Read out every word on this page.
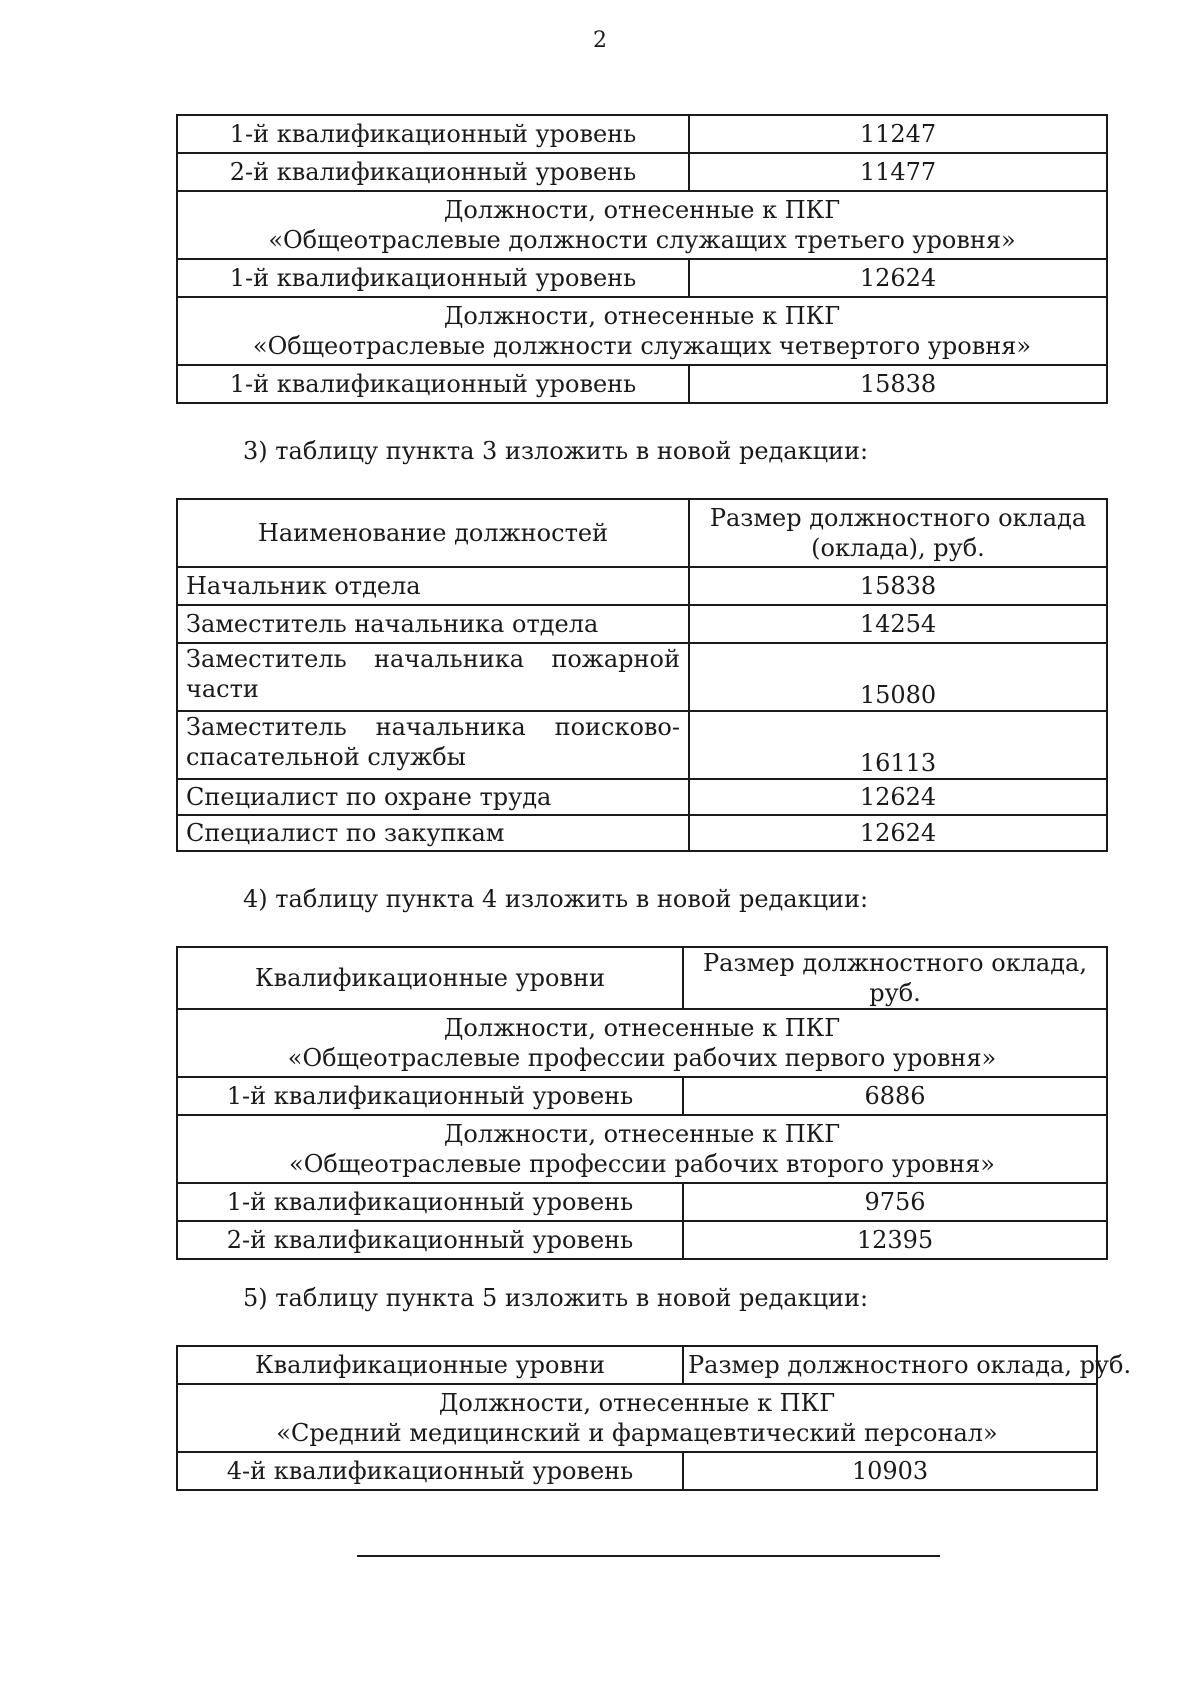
2
1-й квалификационный уровень	11247
2-й квалификационный уровень	11477

Должности, отнесенные к ПКГ
«Общеотраслевые должности служащих третьего уровня»	

1-й квалификационный уровень	12624

Должности, отнесенные к ПКГ
«Общеотраслевые должности служащих четвертого уровня»	

1-й квалификационный уровень	15838
3) таблицу пункта 3 изложить в новой редакции:
Наименование должностей	Размер должностного оклада
(оклада), руб.

Начальник отдела	15838
Заместитель начальника отдела	14254

Заместитель начальника пожарной
части	15080

Заместитель начальника поисково-
спасательной службы	16113
Специалист по охране труда	12624
Специалист по закупкам	12624
4) таблицу пункта 4 изложить в новой редакции:
Квалификационные уровни	Размер должностного оклада, руб.

Должности, отнесенные к ПКГ
«Общеотраслевые профессии рабочих первого уровня»	

1-й квалификационный уровень	6886

Должности, отнесенные к ПКГ
«Общеотраслевые профессии рабочих второго уровня»	

1-й квалификационный уровень	9756
2-й квалификационный уровень	12395
5) таблицу пункта 5 изложить в новой редакции:
Квалификационные уровни	Размер должностного оклада, руб.

Должности, отнесенные к ПКГ
«Средний медицинский и фармацевтический персонал»	

4-й квалификационный уровень	10903
